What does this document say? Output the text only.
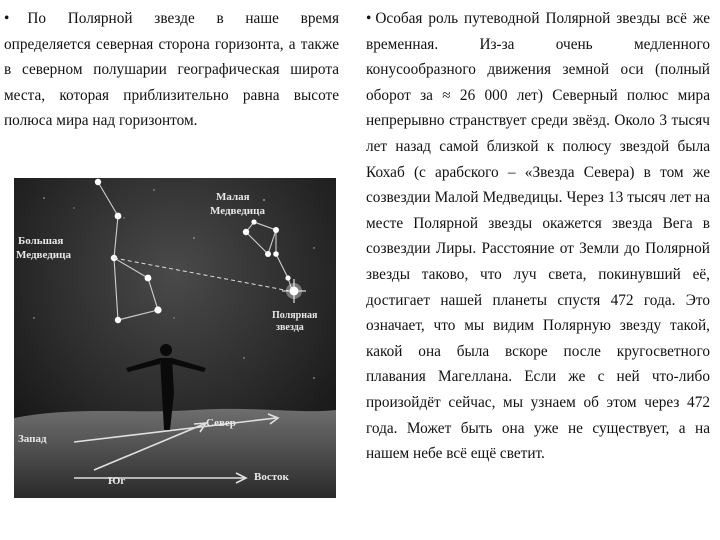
• По Полярной звезде в наше время определяется северная сторона горизонта, а также в северном полушарии географическая широта места, которая приблизительно равна высоте полюса мира над горизонтом.

Малая
Медведица
Большая
Медведица
Полярная
звезда
Север
Запад
Восток
Юг

• Особая роль путеводной Полярной звезды всё же временная. Из-за очень медленного конусообразного движения земной оси (полный оборот за ≈ 26 000 лет) Северный полюс мира непрерывно странствует среди звёзд. Около 3 тысяч лет назад самой близкой к полюсу звездой была Кохаб (с арабского – «Звезда Севера) в том же созвездии Малой Медведицы. Через 13 тысяч лет на месте Полярной звезды окажется звезда Вега в созвездии Лиры. Расстояние от Земли до Полярной звезды таково, что луч света, покинувший её, достигает нашей планеты спустя 472 года. Это означает, что мы видим Полярную звезду такой, какой она была вскоре после кругосветного плавания Магеллана. Если же с ней что-либо произойдёт сейчас, мы узнаем об этом через 472 года. Может быть она уже не существует, а на нашем небе всё ещё светит.
